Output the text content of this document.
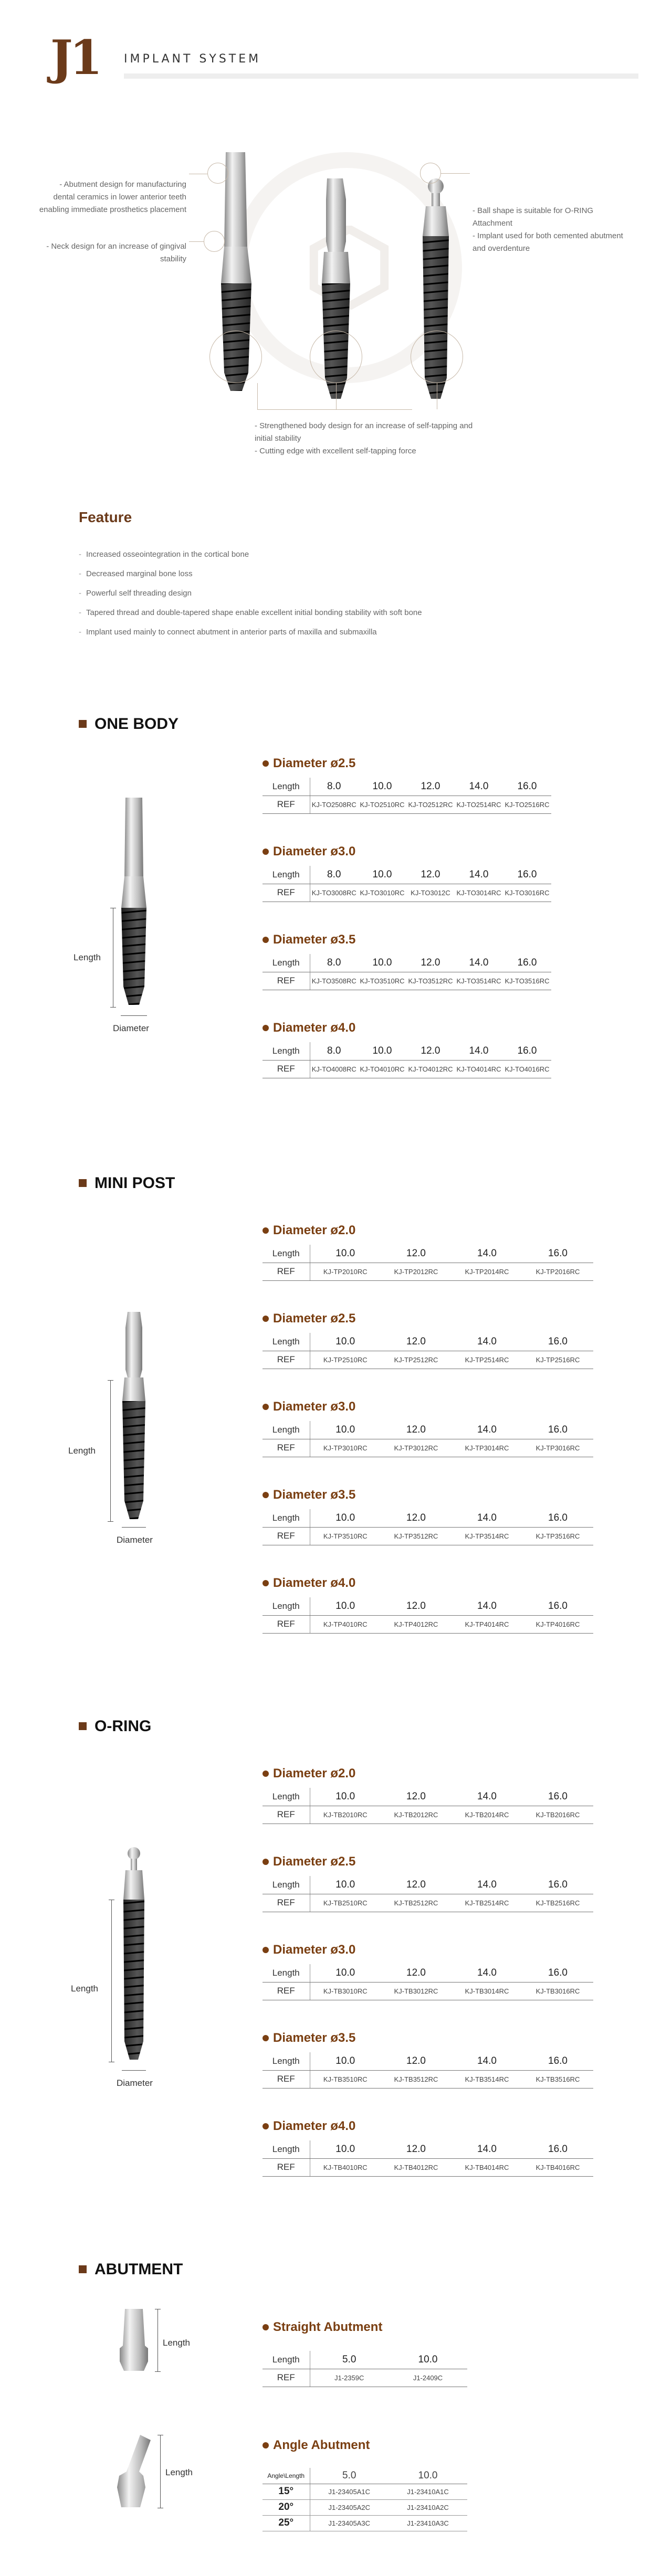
J1 IMPLANT SYSTEM
- Abutment design for manufacturing dental ceramics in lower anterior teeth enabling immediate prosthetics placement
- Neck design for an increase of gingival stability
- Ball shape is suitable for O-RING Attachment
- Implant used for both cemented abutment and overdenture
- Strengthened body design for an increase of self-tapping and initial stability
- Cutting edge with excellent self-tapping force
Feature
- Increased osseointegration in the cortical bone
- Decreased marginal bone loss
- Powerful self threading design
- Tapered thread and double-tapered shape enable excellent initial bonding stability with soft bone
- Implant used mainly to connect abutment in anterior parts of maxilla and submaxilla
ONE BODY
Length
Diameter
Diameter ø2.5
Length	8.0	10.0	12.0	14.0	16.0
REF	KJ-TO2508RC	KJ-TO2510RC	KJ-TO2512RC	KJ-TO2514RC	KJ-TO2516RC
Diameter ø3.0
Length	8.0	10.0	12.0	14.0	16.0
REF	KJ-TO3008RC	KJ-TO3010RC	KJ-TO3012C	KJ-TO3014RC	KJ-TO3016RC
Diameter ø3.5
Length	8.0	10.0	12.0	14.0	16.0
REF	KJ-TO3508RC	KJ-TO3510RC	KJ-TO3512RC	KJ-TO3514RC	KJ-TO3516RC
Diameter ø4.0
Length	8.0	10.0	12.0	14.0	16.0
REF	KJ-TO4008RC	KJ-TO4010RC	KJ-TO4012RC	KJ-TO4014RC	KJ-TO4016RC
MINI POST
Length
Diameter
Diameter ø2.0
Length	10.0	12.0	14.0	16.0
REF	KJ-TP2010RC	KJ-TP2012RC	KJ-TP2014RC	KJ-TP2016RC
Diameter ø2.5
Length	10.0	12.0	14.0	16.0
REF	KJ-TP2510RC	KJ-TP2512RC	KJ-TP2514RC	KJ-TP2516RC
Diameter ø3.0
Length	10.0	12.0	14.0	16.0
REF	KJ-TP3010RC	KJ-TP3012RC	KJ-TP3014RC	KJ-TP3016RC
Diameter ø3.5
Length	10.0	12.0	14.0	16.0
REF	KJ-TP3510RC	KJ-TP3512RC	KJ-TP3514RC	KJ-TP3516RC
Diameter ø4.0
Length	10.0	12.0	14.0	16.0
REF	KJ-TP4010RC	KJ-TP4012RC	KJ-TP4014RC	KJ-TP4016RC
O-RING
Length
Diameter
Diameter ø2.0
Length	10.0	12.0	14.0	16.0
REF	KJ-TB2010RC	KJ-TB2012RC	KJ-TB2014RC	KJ-TB2016RC
Diameter ø2.5
Length	10.0	12.0	14.0	16.0
REF	KJ-TB2510RC	KJ-TB2512RC	KJ-TB2514RC	KJ-TB2516RC
Diameter ø3.0
Length	10.0	12.0	14.0	16.0
REF	KJ-TB3010RC	KJ-TB3012RC	KJ-TB3014RC	KJ-TB3016RC
Diameter ø3.5
Length	10.0	12.0	14.0	16.0
REF	KJ-TB3510RC	KJ-TB3512RC	KJ-TB3514RC	KJ-TB3516RC
Diameter ø4.0
Length	10.0	12.0	14.0	16.0
REF	KJ-TB4010RC	KJ-TB4012RC	KJ-TB4014RC	KJ-TB4016RC
ABUTMENT
Length
Straight Abutment
Length	5.0	10.0
REF	J1-2359C	J1-2409C
Length
Angle Abutment
Angle\Length	5.0	10.0
15°	J1-23405A1C	J1-23410A1C
20°	J1-23405A2C	J1-23410A2C
25°	J1-23405A3C	J1-23410A3C
